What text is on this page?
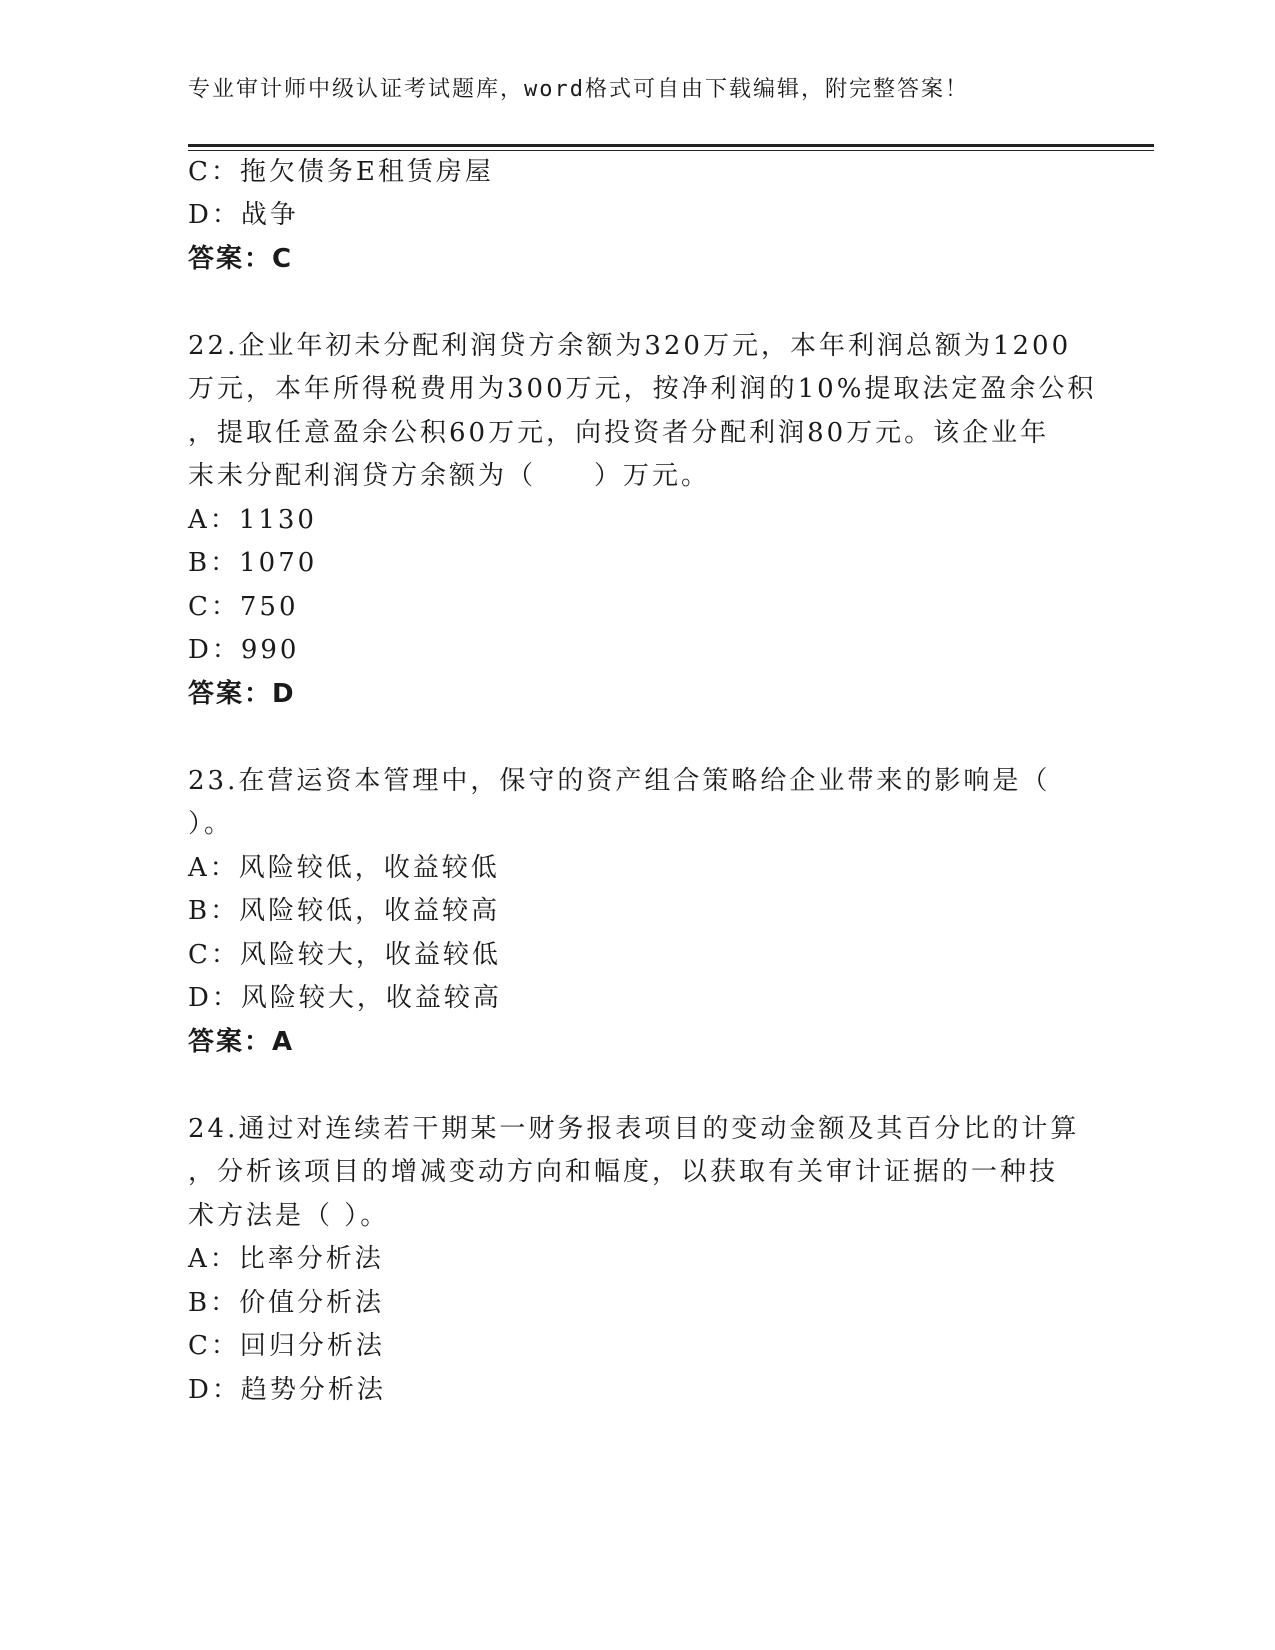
专业审计师中级认证考试题库，word格式可自由下载编辑，附完整答案！
C：拖欠债务E租赁房屋
D：战争
答案：C
22.企业年初未分配利润贷方余额为320万元，本年利润总额为1200
万元，本年所得税费用为300万元，按净利润的10%提取法定盈余公积
，提取任意盈余公积60万元，向投资者分配利润80万元。该企业年
末未分配利润贷方余额为（　　）万元。
A：1130
B：1070
C：750
D：990
答案：D
23.在营运资本管理中，保守的资产组合策略给企业带来的影响是（
）。
A：风险较低，收益较低
B：风险较低，收益较高
C：风险较大，收益较低
D：风险较大，收益较高
答案：A
24.通过对连续若干期某一财务报表项目的变动金额及其百分比的计算
，分析该项目的增减变动方向和幅度，以获取有关审计证据的一种技
术方法是（ ）。
A：比率分析法
B：价值分析法
C：回归分析法
D：趋势分析法
